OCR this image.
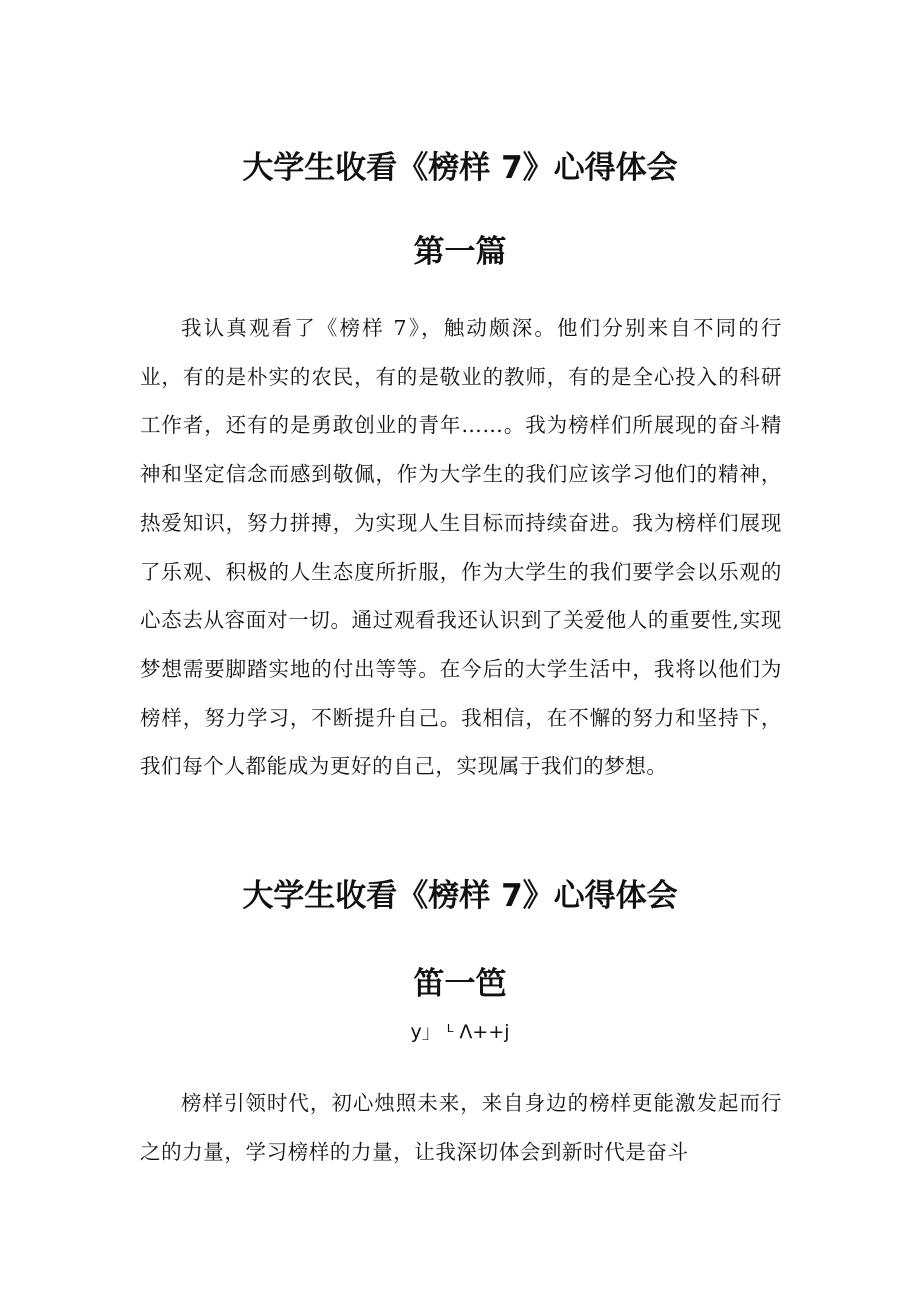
大学生收看《榜样 7》心得体会
第一篇

我认真观看了《榜样 7》，触动颇深。他们分别来自不同的行业，有的是朴实的农民，有的是敬业的教师，有的是全心投入的科研工作者，还有的是勇敢创业的青年……。我为榜样们所展现的奋斗精神和坚定信念而感到敬佩，作为大学生的我们应该学习他们的精神，热爱知识，努力拼搏，为实现人生目标而持续奋进。我为榜样们展现了乐观、积极的人生态度所折服，作为大学生的我们要学会以乐观的心态去从容面对一切。通过观看我还认识到了关爱他人的重要性,实现梦想需要脚踏实地的付出等等。在今后的大学生活中，我将以他们为榜样，努力学习，不断提升自己。我相信，在不懈的努力和坚持下，我们每个人都能成为更好的自己，实现属于我们的梦想。

大学生收看《榜样 7》心得体会
笛一笆
y」 ᴸ Λ++j

榜样引领时代，初心烛照未来，来自身边的榜样更能激发起而行之的力量，学习榜样的力量，让我深切体会到新时代是奋斗
